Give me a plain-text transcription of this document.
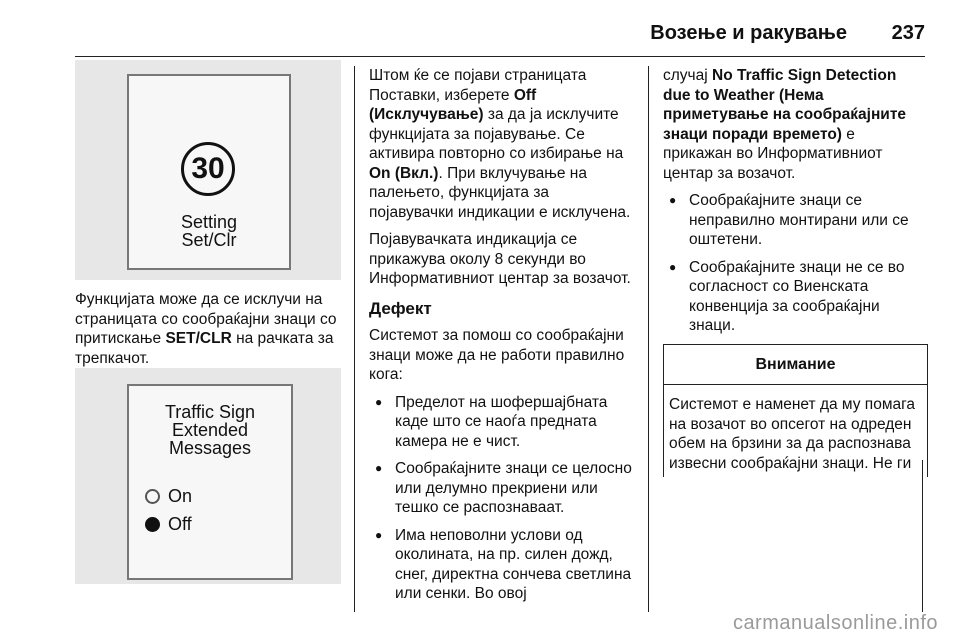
Возење и ракување 237
30
Setting
Set/Clr

Функцијата може да се исклучи на страницата со сообраќајни знаци со притискање SET/CLR на рачката за трепкачот.

Traffic Sign
Extended
Messages
On
Off

Штом ќе се појави страницата Поставки, изберете Off (Исклучување) за да ја исклучите функцијата за појавување. Се активира повторно со избирање на On (Вкл.). При вклучување на палењето, функцијата за појавувачки индикации е исклучена.

Појавувачката индикација се прикажува околу 8 секунди во Информативниот центар за возачот.

Дефект

Системот за помош со сообраќајни знаци може да не работи правилно кога:

● Пределот на шофершајбната каде што се наоѓа предната камера не е чист.
● Сообраќајните знаци се целосно или делумно прекриени или тешко се распознаваат.
● Има неповолни услови од околината, на пр. силен дожд, снег, директна сончева светлина или сенки. Во овој

случај No Traffic Sign Detection due to Weather (Нема приметување на сообраќајните знаци поради времето) е прикажан во Информативниот центар за возачот.

● Сообраќајните знаци се неправилно монтирани или се оштетени.
● Сообраќајните знаци не се во согласност со Виенската конвенција за сообраќајни знаци.
Внимание
Системот е наменет да му помага на возачот во опсегот на одреден обем на брзини за да распознава извесни сообраќајни знаци. Не ги
carmanualsonline.info
